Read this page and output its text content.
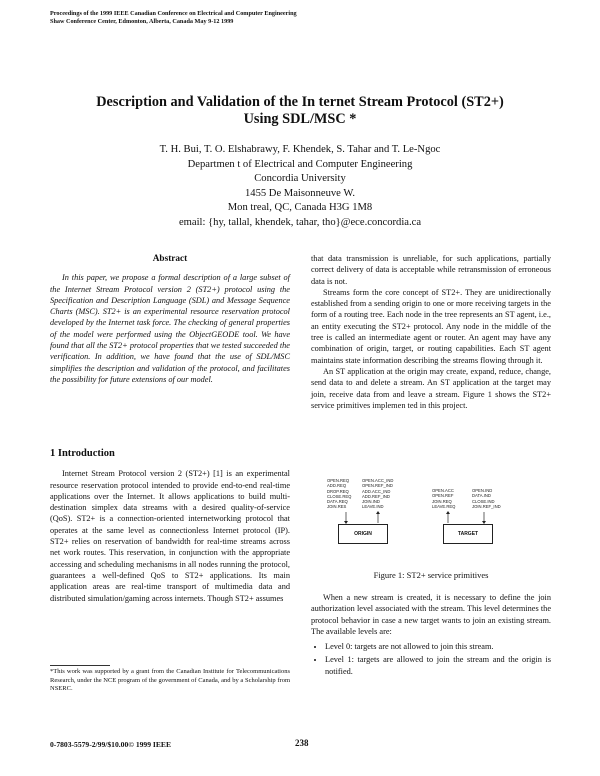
Proceedings of the 1999 IEEE Canadian Conference on Electrical and Computer Engineering
Shaw Conference Center, Edmonton, Alberta, Canada May 9-12 1999
Description and Validation of the In ternet Stream Protocol (ST2+)
Using SDL/MSC *
T. H. Bui, T. O. Elshabrawy, F. Khendek, S. Tahar and T. Le-Ngoc
Departmen t of Electrical and Computer Engineering
Concordia University
1455 De Maisonneuve W.
Mon treal, QC, Canada H3G 1M8
email: {hy, tallal, khendek, tahar, tho}@ece.concordia.ca
Abstract

In this paper, we propose a formal description of a large subset of the Internet Stream Protocol version 2 (ST2+) protocol using the Specification and Description Language (SDL) and Message Sequence Charts (MSC). ST2+ is an experimental resource reservation protocol developed by the Internet task force. The checking of general properties of the model were performed using the ObjectGEODE tool. We have found that all the ST2+ protocol properties that we tested succeeded the verification. In addition, we have found that the use of SDL/MSC simplifies the description and validation of the protocol, and facilitates the possibility for future extensions of our model.

1 Introduction

Internet Stream Protocol version 2 (ST2+) [1] is an experimental resource reservation protocol intended to provide end-to-end real-time applications over the Internet. It allows applications to build multi-destination simplex data streams with a desired quality-of-service (QoS). ST2+ is a connection-oriented internetworking protocol that operates at the same level as connectionless Internet protocol (IP). ST2+ relies on reservation of bandwidth for real-time streams across net work routes. This reservation, in conjunction with the appropriate accessing and scheduling mechanisms in all nodes running the protocol, guarantees a well-defined QoS to ST2+ applications. Its main application areas are real-time transport of multimedia data and distributed simulation/gaming across internets. Though ST2+ assumes

*This work was supported by a grant from the Canadian Institute for Telecommunications Research, under the NCE program of the government of Canada, and by a Scholarship from NSERC.
0-7803-5579-2/99/$10.00© 1999 IEEE	238

that data transmission is unreliable, for such applications, partially correct delivery of data is acceptable while retransmission of erroneous data is not.

Streams form the core concept of ST2+. They are unidirectionally established from a sending origin to one or more receiving targets in the form of a routing tree. Each node in the tree represents an ST agent, i.e., an entity executing the ST2+ protocol. Any node in the middle of the tree is called an intermediate agent or router. An agent may have any combination of origin, target, or routing capabilities. Each ST agent maintains state information describing the streams flowing through it.

An ST application at the origin may create, expand, reduce, change, send data to and delete a stream. An ST application at the target may join, receive data from and leave a stream. Figure 1 shows the ST2+ service primitives implemen ted in this project.

OPEN.REQ
ADD.REQ
DROP.REQ
CLOSE.REQ
DATA.REQ
JOIN.RES
OPEN.ACC_IND
OPEN.REF_IND
ADD.ACC_IND
ADD.REF_IND
JOIN.IND
LEAVE.IND
OPEN.ACC
OPEN.REF
JOIN.REQ
LEAVE.REQ
OPEN.IND
DATA.IND
CLOSE.IND
JOIN.REF_IND
ORIGIN	TARGET
Figure 1: ST2+ service primitives

When a new stream is created, it is necessary to define the join authorization level associated with the stream. This level determines the protocol behavior in case a new target wants to join an existing stream. The available levels are:

• Level 0: targets are not allowed to join this stream.
• Level 1: targets are allowed to join the stream and the origin is notified.
